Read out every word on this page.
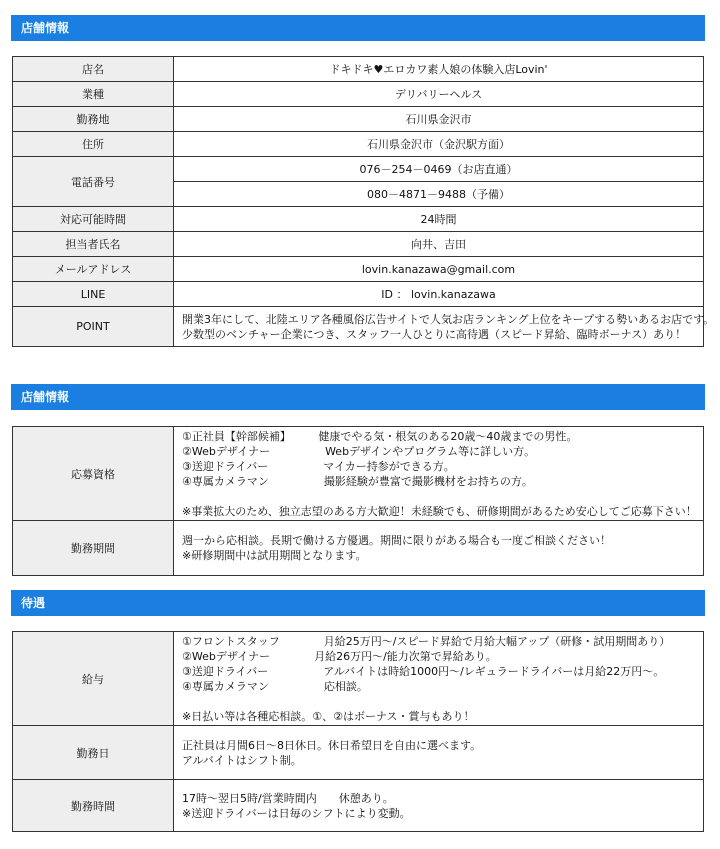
店舗情報
店名	ドキドキ♥エロカワ素人娘の体験入店Lovin'
業種	デリバリーヘルス
勤務地	石川県金沢市
住所	石川県金沢市（金沢駅方面）
電話番号	076－254－0469（お店直通）
	080－4871－9488（予備）
対応可能時間	24時間
担当者氏名	向井、吉田
メールアドレス	lovin.kanazawa@gmail.com
LINE	ID ： lovin.kanazawa
POINT	開業3年にして、北陸エリア各種風俗広告サイトで人気お店ランキング上位をキープする勢いあるお店です。
少数型のベンチャー企業につき、スタッフ一人ひとりに高待遇（スピード昇給、臨時ボーナス）あり！
店舗情報
応募資格	①正社員【幹部候補】　　　健康でやる気・根気のある20歳～40歳までの男性。
②Webデザイナー　　　　　Webデザインやプログラム等に詳しい方。
③送迎ドライバー　　　　　マイカー持参ができる方。
④専属カメラマン　　　　　撮影経験が豊富で撮影機材をお持ちの方。

※事業拡大のため、独立志望のある方大歓迎！未経験でも、研修期間があるため安心してご応募下さい！

勤務期間	週一から応相談。長期で働ける方優遇。期間に限りがある場合も一度ご相談ください！
※研修期間中は試用期間となります。
待遇
給与	①フロントスタッフ　　　　月給25万円～/スピード昇給で月給大幅アップ（研修・試用期間あり）
②Webデザイナー　　　　月給26万円～/能力次第で昇給あり。
③送迎ドライバー　　　　　アルバイトは時給1000円～/レギュラードライバーは月給22万円～。
④専属カメラマン　　　　　応相談。

※日払い等は各種応相談。①、②はボーナス・賞与もあり！

勤務日	正社員は月間6日～8日休日。休日希望日を自由に選べます。
アルバイトはシフト制。

勤務時間	17時～翌日5時/営業時間内　　休憩あり。
※送迎ドライバーは日毎のシフトにより変動。
